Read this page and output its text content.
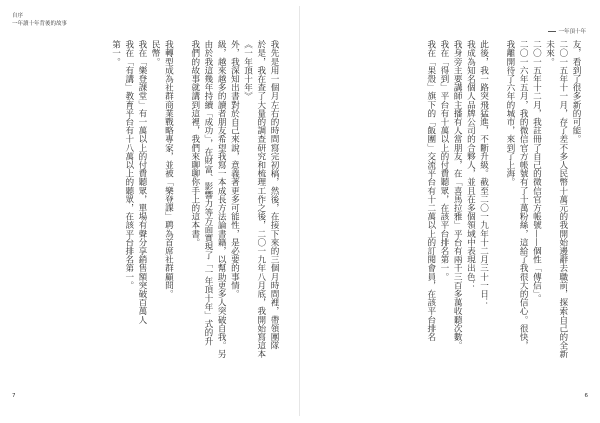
自序
一年讀十年背後的故事

我先是用一個月左右的時間寫完初稿，然後，在接下來的三個月時間裡，帶領團隊

於是，我在查了大量的調查研究和梳理工作之後，二〇一九年八月底，我開始寫這本

《一年頂十年》

外，我深知出書對於自己來說，意義著更多可能性，是必要的事情。

級，越來越多的讀者朋友希望我寫一本成長方法論書籍，以幫助更多人突破自我。另

由於我這幾年持續「成功」，在財富、影響力等方面實現了「一年頂十年」式的升

我們的故事就講到這裡，我們來聊聊你手上的這本書。

我轉型成為社群商業戰略專家，並被「樂登課」聘為首席社群顧問。

民幣。

我在「樂登課堂」有一萬以上的付費聽眾，單場有聲分享銷售額突破百萬人

我在「有講」教育平台有十八萬以上的聽眾，在該平台排名第一。

第一。

7
一年頂十年

友，看到了很多新的可能。

二〇一五年十一月，存了差不多人民幣十萬元的我開始邊辭去職前，探索自己的全新

未來。

二〇一五年十二月，我註冊了自己的微信官方帳號——個性「傳信」。

二〇一六年五月，我的微信官方帳號有了十萬粉絲，這給了我很大的信心。很快，

我離開待了六年的城市，來到了上海。

此後，我一路突飛猛進，不斷升級。截至二〇一九年十二月三十一日：

我成為知名個人品牌公司的合夥人，並且在多個領域中表現出色：

我身旁主要講師主播有人當朋友，在「喜馬拉雅」平台有兩千三百多萬收聽次數。

我在「得到」平台有十萬以上的付費聽眾，在該平台排名第一。

我在「果殼」旗下的「飯團」交流平台有十二萬以上的訂閱會員，在該平台排名

6
